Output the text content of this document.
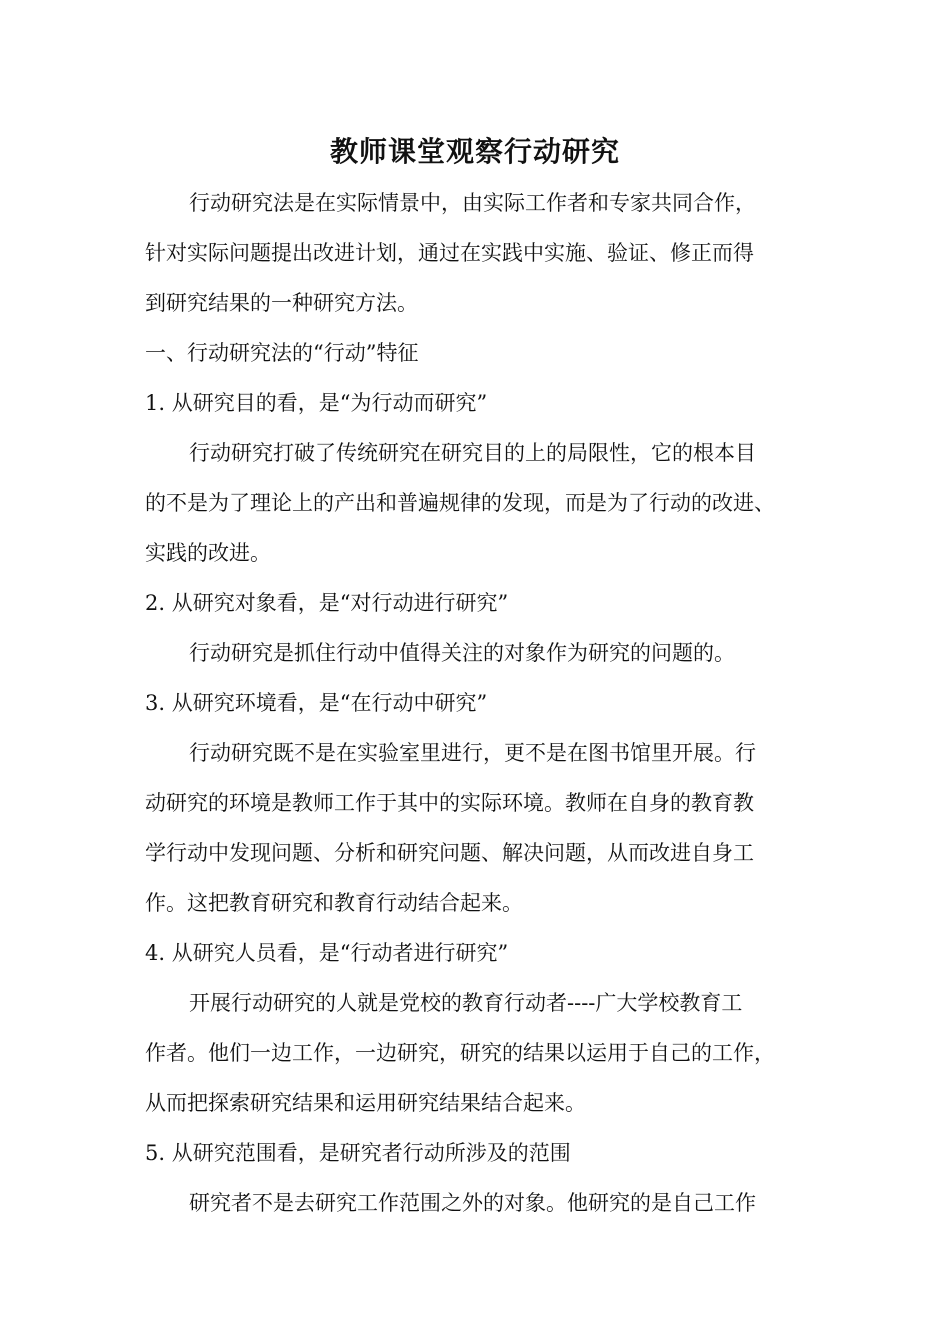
教师课堂观察行动研究

行动研究法是在实际情景中，由实际工作者和专家共同合作，
针对实际问题提出改进计划，通过在实践中实施、验证、修正而得
到研究结果的一种研究方法。

一、行动研究法的“行动”特征

1. 从研究目的看，是“为行动而研究”

行动研究打破了传统研究在研究目的上的局限性，它的根本目
的不是为了理论上的产出和普遍规律的发现，而是为了行动的改进、
实践的改进。

2. 从研究对象看，是“对行动进行研究”

行动研究是抓住行动中值得关注的对象作为研究的问题的。

3. 从研究环境看，是“在行动中研究”

行动研究既不是在实验室里进行，更不是在图书馆里开展。行
动研究的环境是教师工作于其中的实际环境。教师在自身的教育教
学行动中发现问题、分析和研究问题、解决问题，从而改进自身工
作。这把教育研究和教育行动结合起来。

4. 从研究人员看，是“行动者进行研究”

开展行动研究的人就是党校的教育行动者----广大学校教育工
作者。他们一边工作，一边研究，研究的结果以运用于自己的工作，
从而把探索研究结果和运用研究结果结合起来。

5. 从研究范围看，是研究者行动所涉及的范围

研究者不是去研究工作范围之外的对象。他研究的是自己工作
